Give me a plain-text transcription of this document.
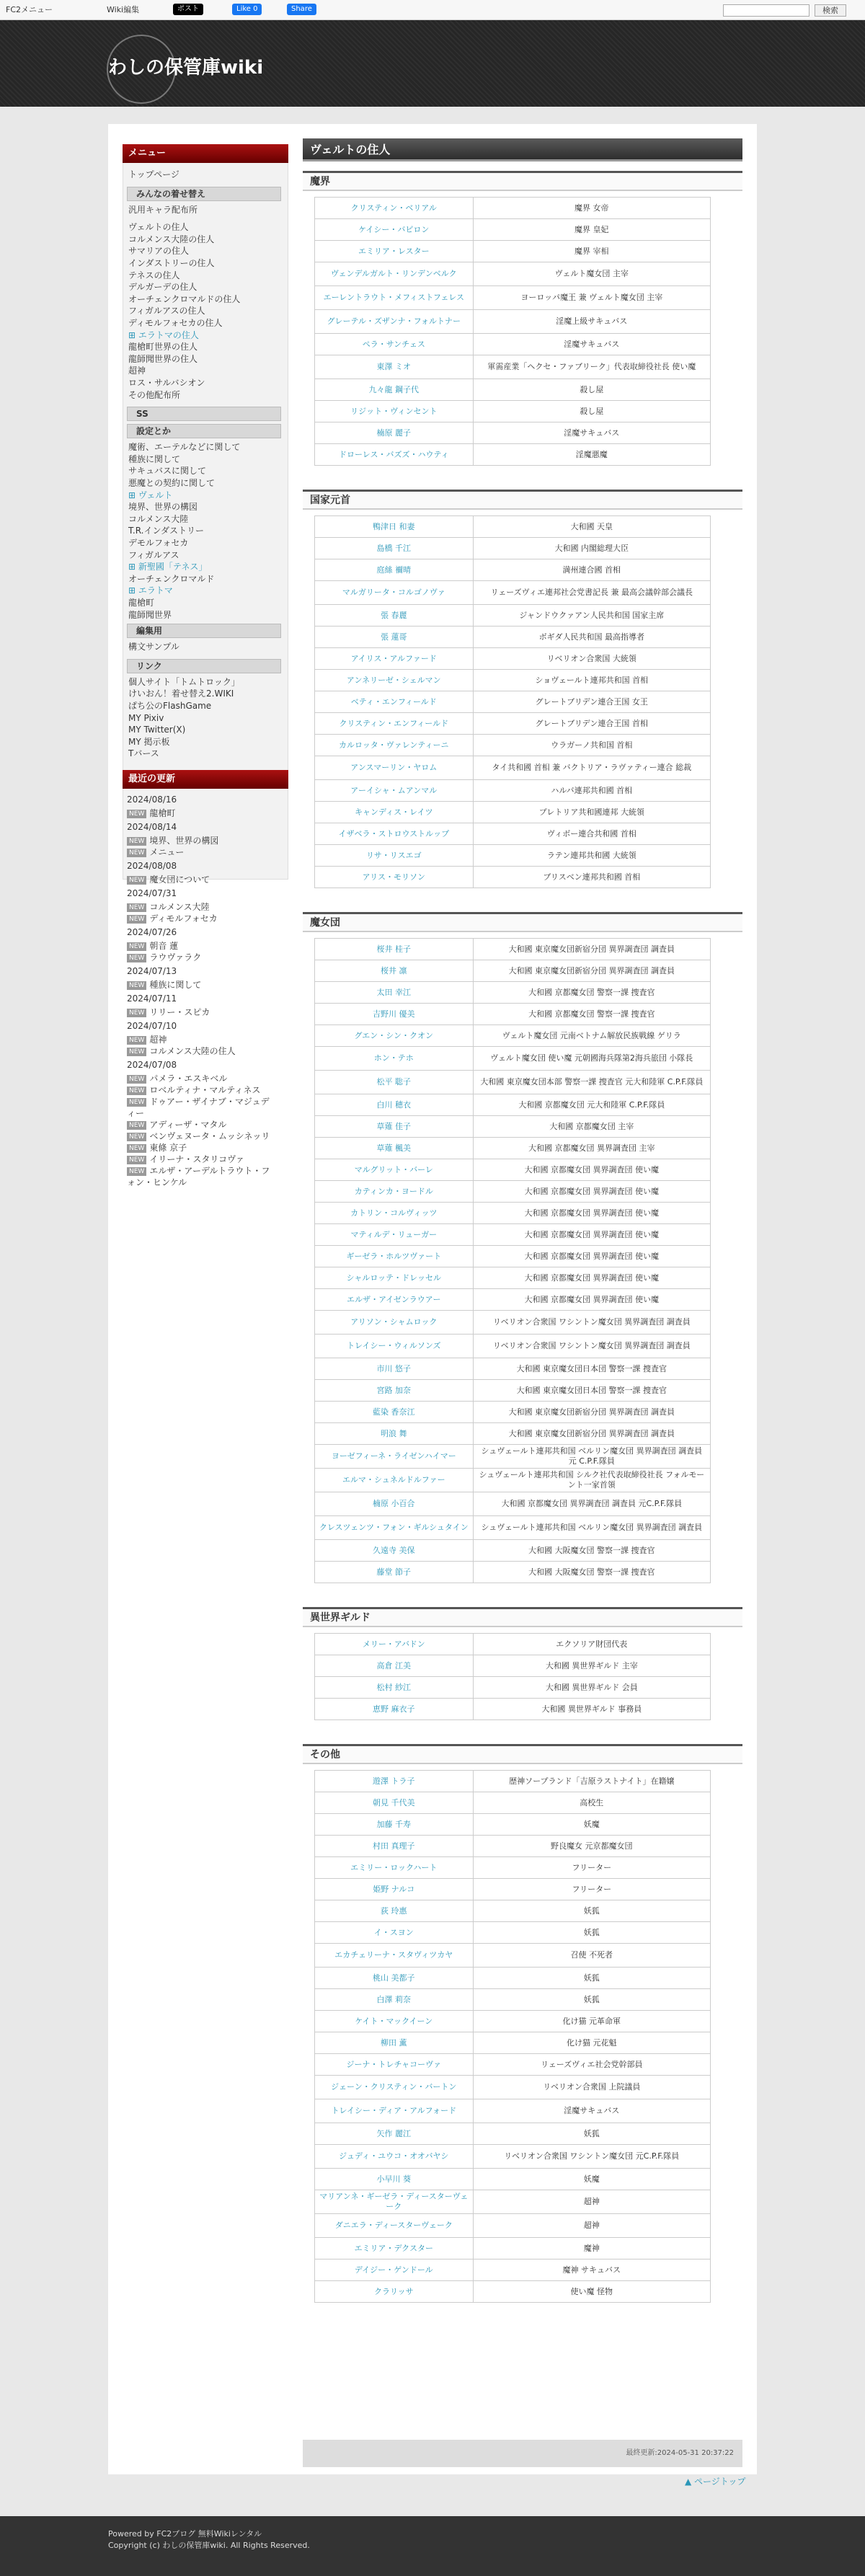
FC2メニュー	Wiki編集	ポスト	Like 0	Share	検索
わしの保管庫wiki
メニュー
トップページ
みんなの着せ替え
汎用キャラ配布所
ヴェルトの住人
コルメンス大陸の住人
サマリアの住人
インダストリーの住人
テネスの住人
デルガーデの住人
オーチェンクロマルドの住人
フィガルアスの住人
ディモルフォセカの住人
⊞ エラトマの住人
龍槍町世界の住人
龍師聞世界の住人
超神
ロス・サルバシオン
その他配布所
SS
設定とか
魔術、エーテルなどに関して
種族に関して
サキュバスに関して
悪魔との契約に関して
⊞ ヴェルト
境界、世界の構図
コルメンス大陸
T.R.インダストリー
デモルフォセカ
フィガルアス
⊞ 新聖國「テネス」
オーチェンクロマルド
⊞ エラトマ
龍槍町
龍師聞世界
編集用
構文サンプル
リンク
個人サイト「トムトロック」
けいおん！着せ替え2.WIKI
ぱち公のFlashGame
MY Pixiv
MY Twitter(X)
MY 掲示板
Tバース
最近の更新
2024/08/16
NEW 龍槍町
2024/08/14
NEW 境界、世界の構図
NEW メニュー
2024/08/08
NEW 魔女団について
2024/07/31
NEW コルメンス大陸
NEW ディモルフォセカ
2024/07/26
NEW 朝音 蓮
NEW ラウヴァラク
2024/07/13
NEW 種族に関して
2024/07/11
NEW リリー・スピカ
2024/07/10
NEW 超神
NEW コルメンス大陸の住人
2024/07/08
NEW パメラ・エスキベル
NEW ロベルティナ・マルティネス
NEW ドゥアー・ザイナブ・マジュディー
NEW アディーザ・マタル
NEW ベンヴェヌータ・ムッシネッリ
NEW 東條 京子
NEW イリーナ・スタリコヴァ
NEW エルザ・アーデルトラウト・フォン・ヒンケル
ヴェルトの住人
魔界
クリスティン・ベリアル	魔界 女帝
ケイシー・バビロン	魔界 皇妃
エミリア・レスター	魔界 宰相
ヴェンデルガルト・リンデンベルク	ヴェルト魔女団 主宰
エーレントラウト・メフィストフェレス	ヨーロッパ魔王 兼 ヴェルト魔女団 主宰
グレーテル・ズザンナ・フォルトナー	淫魔上級サキュバス
ペラ・サンチェス	淫魔サキュバス
東澤 ミオ	軍需産業「ヘクセ・ファブリーク」代表取締役社長 使い魔
九々龍 鋼子代	殺し屋
リジット・ヴィンセント	殺し屋
楠原 麗子	淫魔サキュバス
ドローレス・バズズ・ハウティ	淫魔悪魔
国家元首
鴨津日 和妻	大和國 天皇
島橋 千江	大和國 内閣総理大臣
庭絲 禰晴	満州連合國 首相
マルガリータ・コルゴノヴァ	リェーズヴィエ連邦社会党書記長 兼 最高会議幹部会議長
張 春麗	ジャンドウクァアン人民共和国 国家主席
張 蓮哥	ボギダ人民共和国 最高指導者
アイリス・アルファード	リベリオン合衆国 大統領
アンネリーゼ・シェルマン	ショヴェールト連邦共和国 首相
ベティ・エンフィールド	グレートブリデン連合王国 女王
クリスティン・エンフィールド	グレートブリデン連合王国 首相
カルロッタ・ヴァレンティーニ	ウラガーノ共和国 首相
アンスマーリン・ヤロム	タイ共和國 首相 兼 バクトリア・ラヴァティー連合 総裁
アーイシャ・ムアンマル	ハルバ連邦共和國 首相
キャンディス・レイツ	プレトリア共和國連邦 大統領
イザベラ・ストロウストルップ	ヴィボー連合共和國 首相
リサ・リスエゴ	ラテン連邦共和國 大統領
アリス・モリソン	ブリスベン連邦共和國 首相
魔女団
桜井 桂子	大和國 東京魔女団新宿分団 異界調査団 調査員
桜井 凛	大和國 東京魔女団新宿分団 異界調査団 調査員
太田 幸江	大和國 京都魔女団 警察一課 捜査官
吉野川 優美	大和國 京都魔女団 警察一課 捜査官
グエン・シン・クオン	ヴェルト魔女団 元南ベトナム解放民族戦線 ゲリラ
ホン・テホ	ヴェルト魔女団 使い魔 元朝國海兵隊第2海兵旅団 小隊長
松平 聡子	大和國 東京魔女団本部 警察一課 捜査官 元大和陸軍 C.P.F.隊員
白川 穂衣	大和國 京都魔女団 元大和陸軍 C.P.F.隊員
草薙 佳子	大和國 京都魔女団 主宰
草薙 楓美	大和國 京都魔女団 異界調査団 主宰
マルグリット・バーレ	大和國 京都魔女団 異界調査団 使い魔
カティンカ・ヨードル	大和國 京都魔女団 異界調査団 使い魔
カトリン・コルヴィッツ	大和國 京都魔女団 異界調査団 使い魔
マティルデ・リューガー	大和國 京都魔女団 異界調査団 使い魔
ギーゼラ・ホルツヴァート	大和國 京都魔女団 異界調査団 使い魔
シャルロッテ・ドレッセル	大和國 京都魔女団 異界調査団 使い魔
エルザ・アイゼンラウアー	大和國 京都魔女団 異界調査団 使い魔
アリソン・シャムロック	リベリオン合衆国 ワシントン魔女団 異界調査団 調査員
トレイシー・ウィルソンズ	リベリオン合衆国 ワシントン魔女団 異界調査団 調査員
市川 悠子	大和國 東京魔女団日本団 警察一課 捜査官
宮路 加奈	大和國 東京魔女団日本団 警察一課 捜査官
藍染 香奈江	大和國 東京魔女団新宿分団 異界調査団 調査員
明浪 舞	大和國 東京魔女団新宿分団 異界調査団 調査員
ヨーゼフィーネ・ライゼンハイマー	シュヴェールト連邦共和国 ベルリン魔女団 異界調査団 調査員 元 C.P.F.隊員
エルマ・シュネルドルファー	シュヴェールト連邦共和国 シルク社代表取締役社長 フォルモーント一家首領
楠原 小百合	大和國 京都魔女団 異界調査団 調査員 元C.P.F.隊員
クレスツェンツ・フォン・ギルシュタイン	シュヴェールト連邦共和国 ベルリン魔女団 異界調査団 調査員
久遠寺 美保	大和國 大阪魔女団 警察一課 捜査官
藤堂 節子	大和國 大阪魔女団 警察一課 捜査官
異世界ギルド
メリー・アバドン	エクソリア財団代表
高倉 江美	大和國 異世界ギルド 主宰
松村 紗江	大和國 異世界ギルド 会員
恵野 麻衣子	大和國 異世界ギルド 事務員
その他
遊澤 トラ子	歴神ソープランド「吉原ラストナイト」在籍嬢
朝見 千代美	高校生
加藤 千寿	妖魔
村田 真理子	野良魔女 元京都魔女団
エミリー・ロックハート	フリーター
姫野 ナルコ	フリーター
荻 玲惠	妖狐
イ・スヨン	妖狐
エカチェリーナ・スタヴィツカヤ	召使 不死者
桃山 美都子	妖狐
白澤 莉奈	妖狐
ケイト・マックイーン	化け猫 元革命軍
柳田 薫	化け猫 元花魁
ジーナ・トレチャコーヴァ	リェーズヴィエ社会党幹部員
ジェーン・クリスティン・バートン	リベリオン合衆国 上院議員
トレイシー・ディア・アルフォード	淫魔サキュバス
矢作 麗江	妖狐
ジュディ・ユウコ・オオバヤシ	リベリオン合衆国 ワシントン魔女団 元C.P.F.隊員
小早川 葵	妖魔
マリアンネ・ギーゼラ・ディースターヴェーク	超神
ダニエラ・ディースターヴェーク	超神
エミリア・デクスター	魔神
デイジー・ゲンドール	魔神 サキュバス
クラリッサ	使い魔 怪物
最終更新:2024-05-31 20:37:22
▲ ページトップ
Powered by FC2ブログ 無料Wikiレンタル
Copyright (c) わしの保管庫wiki. All Rights Reserved.
